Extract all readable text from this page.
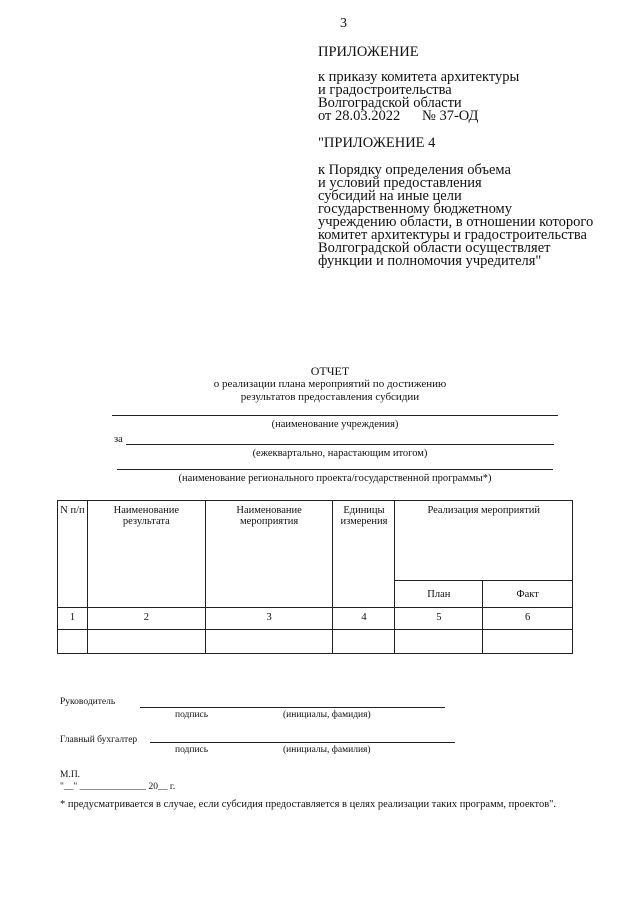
3
ПРИЛОЖЕНИЕ
к приказу комитета архитектуры
и градостроительства
Волгоградской области
от 28.03.2022      № 37-ОД
"ПРИЛОЖЕНИЕ 4
к Порядку определения объема
и условий предоставления
субсидий на иные цели
государственному бюджетному
учреждению области, в отношении которого
комитет архитектуры и градостроительства
Волгоградской области осуществляет
функции и полномочия учредителя"
ОТЧЕТ
о реализации плана мероприятий по достижению
результатов предоставления субсидии
(наименование учреждения)
за
(ежеквартально, нарастающим итогом)
(наименование регионального проекта/государственной программы*)
N п/п	Наименование результата	Наименование мероприятия	Единицы измерения	Реализация мероприятий	
				План	Факт
1	2	3	4	5	6

Руководитель
подпись	(инициалы, фамидия)
Главный бухгалтер
подпись	(инициалы, фамилия)
М.П.
"__" ______________ 20__ г.
* предусматривается в случае, если субсидия предоставляется в целях реализации таких программ, проектов".
